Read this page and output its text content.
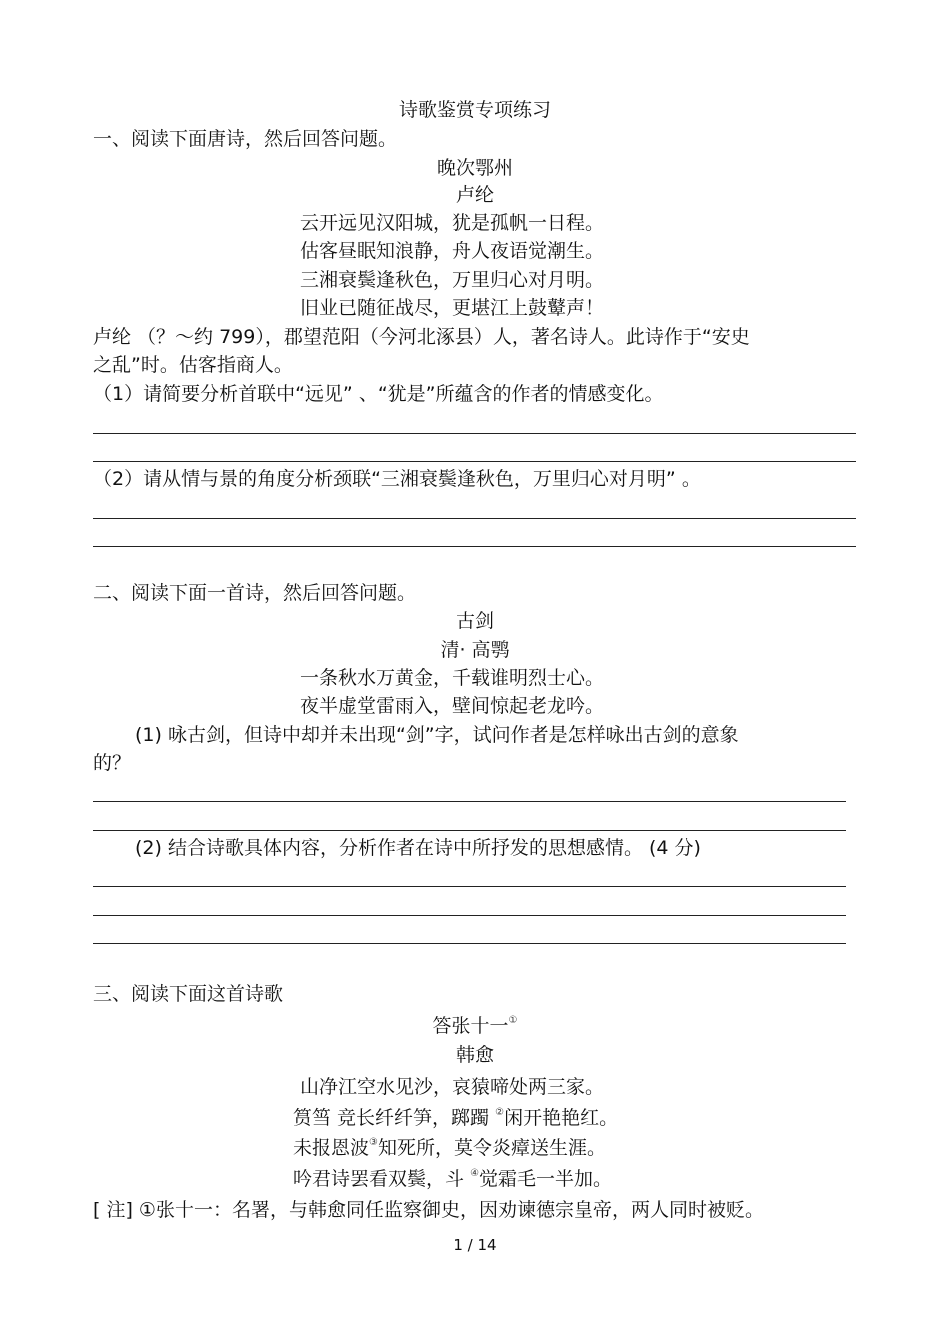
诗歌鉴赏专项练习
一、阅读下面唐诗，然后回答问题。
晚次鄂州
卢纶
云开远见汉阳城，犹是孤帆一日程。
估客昼眠知浪静，舟人夜语觉潮生。
三湘衰鬓逢秋色，万里归心对月明。
旧业已随征战尽，更堪江上鼓鼙声！
卢纶 （？～约 799），郡望范阳（今河北涿县）人，著名诗人。此诗作于“安史
之乱”时。估客指商人。
（1）请简要分析首联中“远见” 、“犹是”所蕴含的作者的情感变化。
（2）请从情与景的角度分析颈联“三湘衰鬓逢秋色，万里归心对月明” 。
二、阅读下面一首诗，然后回答问题。
古剑
清· 高鹗
一条秋水万黄金，千载谁明烈士心。
夜半虚堂雷雨入，壁间惊起老龙吟。
(1) 咏古剑，但诗中却并未出现“剑”字，试问作者是怎样咏出古剑的意象
的？
(2) 结合诗歌具体内容，分析作者在诗中所抒发的思想感情。 (4 分)
三、阅读下面这首诗歌
答张十一①
韩愈
山净江空水见沙，哀猿啼处两三家。
筼筜 竞长纤纤笋，踯躅 ②闲开艳艳红。
未报恩波③知死所，莫令炎瘴送生涯。
吟君诗罢看双鬓，斗 ④觉霜毛一半加。
[ 注] ①张十一：名署，与韩愈同任监察御史，因劝谏德宗皇帝，两人同时被贬。
1 / 14
